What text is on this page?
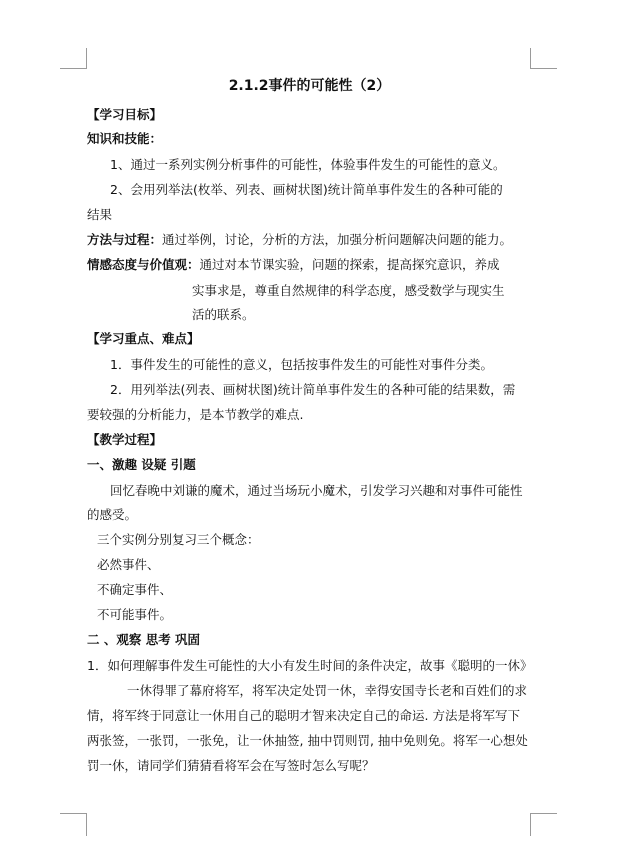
2.1.2事件的可能性（2）
【学习目标】
知识和技能：
1、通过一系列实例分析事件的可能性，体验事件发生的可能性的意义。
2、会用列举法(枚举、列表、画树状图)统计简单事件发生的各种可能的
结果
方法与过程：通过举例，讨论，分析的方法，加强分析问题解决问题的能力。
情感态度与价值观：通过对本节课实验，问题的探索，提高探究意识，养成
实事求是，尊重自然规律的科学态度，感受数学与现实生
活的联系。
【学习重点、难点】
1．事件发生的可能性的意义，包括按事件发生的可能性对事件分类。
2．用列举法(列表、画树状图)统计简单事件发生的各种可能的结果数，需
要较强的分析能力，是本节教学的难点.
【教学过程】
一、激趣 设疑 引题
回忆春晚中刘谦的魔术，通过当场玩小魔术，引发学习兴趣和对事件可能性
的感受。
三个实例分别复习三个概念：
必然事件、
不确定事件、
不可能事件。
二 、观察 思考 巩固
1．如何理解事件发生可能性的大小有发生时间的条件决定，故事《聪明的一休》
一休得罪了幕府将军，将军决定处罚一休，幸得安国寺长老和百姓们的求
情，将军终于同意让一休用自己的聪明才智来决定自己的命运. 方法是将军写下
两张签，一张罚，一张免，让一休抽签, 抽中罚则罚, 抽中免则免。将军一心想处
罚一休，请同学们猜猜看将军会在写签时怎么写呢？
